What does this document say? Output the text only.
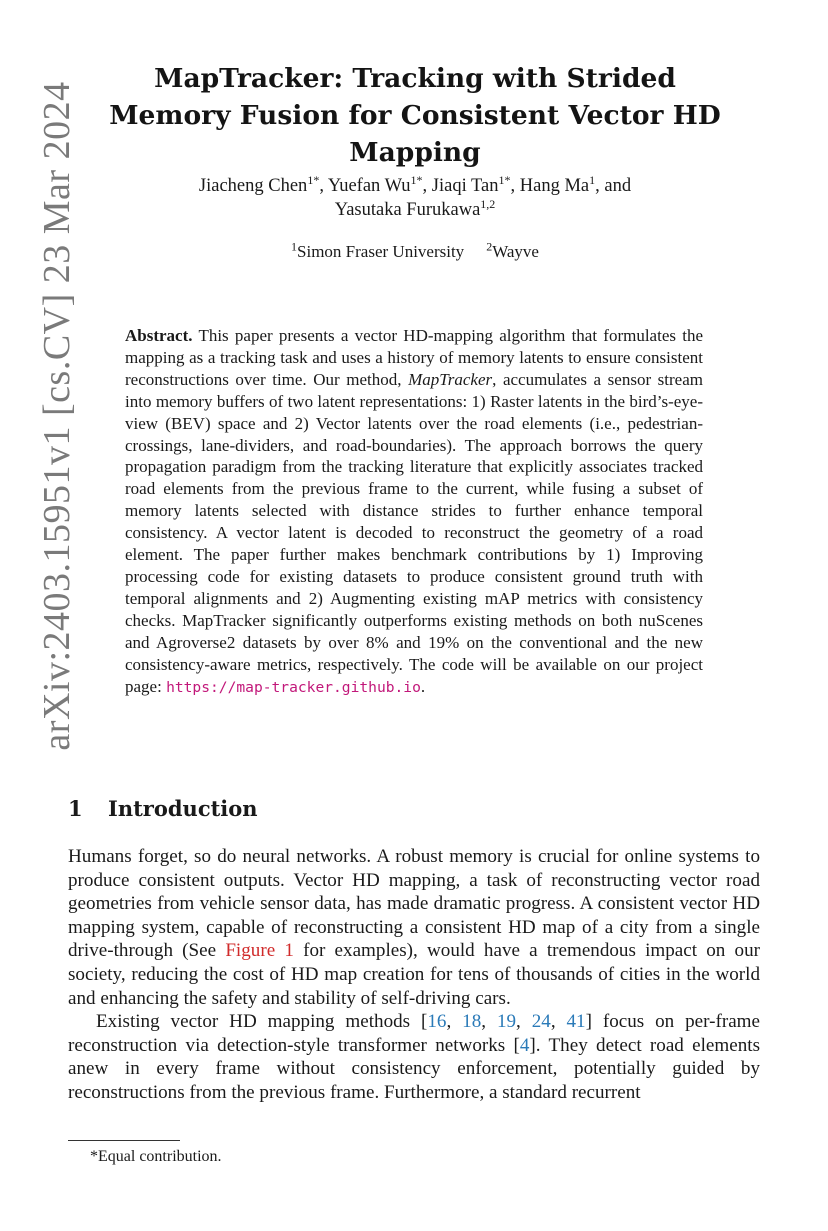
arXiv:2403.15951v1 [cs.CV] 23 Mar 2024
MapTracker: Tracking with Strided Memory Fusion for Consistent Vector HD Mapping
Jiacheng Chen$^{1*}$, Yuefan $Wu^{1*}$, Jiaqi Tan$^{1*}$, Hang Ma$^1$, and
Yasutaka Furukawa$^{1,2}$
$^1$Simon Fraser University $^2$Wayve
Abstract. This paper presents a vector HD-mapping algorithm that formulates the mapping as a tracking task and uses a history of memory latents to ensure consistent reconstructions over time. Our method, MapTracker, accumulates a sensor stream into memory buffers of two latent representations: 1) Raster latents in the bird’s-eye-view (BEV) space and 2) Vector latents over the road elements (i.e., pedestrian-crossings, lane-dividers, and road-boundaries). The approach borrows the query propagation paradigm from the tracking literature that explicitly associates tracked road elements from the previous frame to the current, while fusing a subset of memory latents selected with distance strides to further enhance temporal consistency. A vector latent is decoded to reconstruct the geometry of a road element. The paper further makes benchmark contributions by 1) Improving processing code for existing datasets to produce consistent ground truth with temporal alignments and 2) Augmenting existing mAP metrics with consistency checks. MapTracker significantly outperforms existing methods on both nuScenes and Agroverse2 datasets by over 8% and 19% on the conventional and the new consistency-aware metrics, respectively. The code will be available on our project page: https://map-tracker.github.io.
1 Introduction

Humans forget, so do neural networks. A robust memory is crucial for online systems to produce consistent outputs. Vector HD mapping, a task of reconstructing vector road geometries from vehicle sensor data, has made dramatic progress. A consistent vector HD mapping system, capable of reconstructing a consistent HD map of a city from a single drive-through (See Figure 1 for examples), would have a tremendous impact on our society, reducing the cost of HD map creation for tens of thousands of cities in the world and enhancing the safety and stability of self-driving cars.

Existing vector HD mapping methods [16, 18, 19, 24, 41] focus on per-frame reconstruction via detection-style transformer networks [4]. They detect road elements anew in every frame without consistency enforcement, potentially guided by reconstructions from the previous frame. Furthermore, a standard recurrent

*Equal contribution.
